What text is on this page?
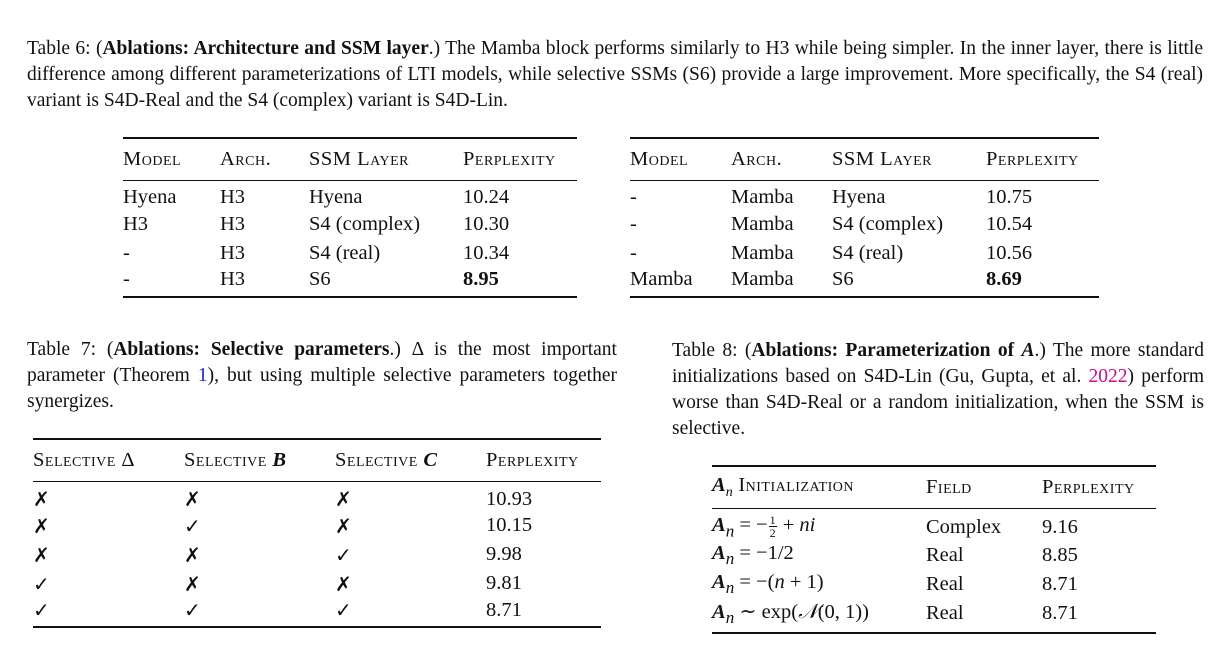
Table 6: (Ablations: Architecture and SSM layer.) The Mamba block performs similarly to H3 while being simpler. In the inner layer, there is little difference among different parameterizations of LTI models, while selective SSMs (S6) provide a large improvement. More specifically, the S4 (real) variant is S4D-Real and the S4 (complex) variant is S4D-Lin.
Model	Arch.	SSM Layer	Perplexity
Hyena	H3	Hyena	10.24
H3	H3	S4 (complex)	10.30
-	H3	S4 (real)	10.34
-	H3	S6	8.95
Model	Arch.	SSM Layer	Perplexity
-	Mamba	Hyena	10.75
-	Mamba	S4 (complex)	10.54
-	Mamba	S4 (real)	10.56
Mamba	Mamba	S6	8.69
Table 7: (Ablations: Selective parameters.) Δ is the most important parameter (Theorem 1), but using multiple selective parameters together synergizes.
Selective Δ	Selective B	Selective C	Perplexity
✗	✗	✗	10.93
✗	✓	✗	10.15
✗	✗	✓	9.98
✓	✗	✗	9.81
✓	✓	✓	8.71
Table 8: (Ablations: Parameterization of A.) The more standard initializations based on S4D-Lin (Gu, Gupta, et al. 2022) perform worse than S4D-Real or a random initialization, when the SSM is selective.
$A_n$ Initialization	Field	Perplexity
$A_n$ = − $\frac{1}{2}$ + ni	Complex	9.16
$A_n = -1/2$	Real	8.85
$A_n = -(n + 1)$	Real	8.71
$A_n$ ∼ exp(𝒩(0, 1))	Real	8.71
